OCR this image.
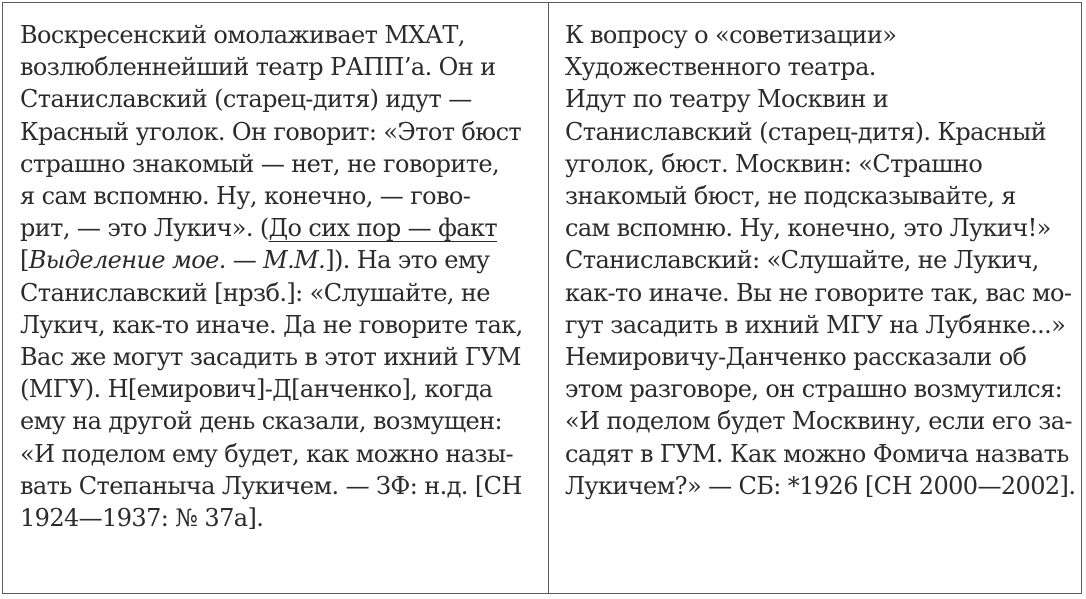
Воскресенский омолаживает МХАТ,
возлюбленнейший театр РАПП’а. Он и
Станиславский (старец-дитя) идут —
Красный уголок. Он говорит: «Этот бюст
страшно знакомый — нет, не говорите,
я сам вспомню. Ну, конечно, — гово-
рит, — это Лукич». (До сих пор — факт
[Выделение мое. — М.М.]). На это ему
Станиславский [нрзб.]: «Слушайте, не
Лукич, как-то иначе. Да не говорите так,
Вас же могут засадить в этот ихний ГУМ
(МГУ). Н[емирович]-Д[анченко], когда
ему на другой день сказали, возмущен:
«И поделом ему будет, как можно назы-
вать Степаныча Лукичем. — ЗФ: н.д. [СН
1924—1937: № 37а].
К вопросу о «советизации»
Художественного театра.
Идут по театру Москвин и
Станиславский (старец-дитя). Красный
уголок, бюст. Москвин: «Страшно
знакомый бюст, не подсказывайте, я
сам вспомню. Ну, конечно, это Лукич!»
Станиславский: «Слушайте, не Лукич,
как-то иначе. Вы не говорите так, вас мо-
гут засадить в ихний МГУ на Лубянке...»
Немировичу-Данченко рассказали об
этом разговоре, он страшно возмутился:
«И поделом будет Москвину, если его за-
садят в ГУМ. Как можно Фомича назвать
Лукичем?» — СБ: *1926 [СН 2000—2002].
